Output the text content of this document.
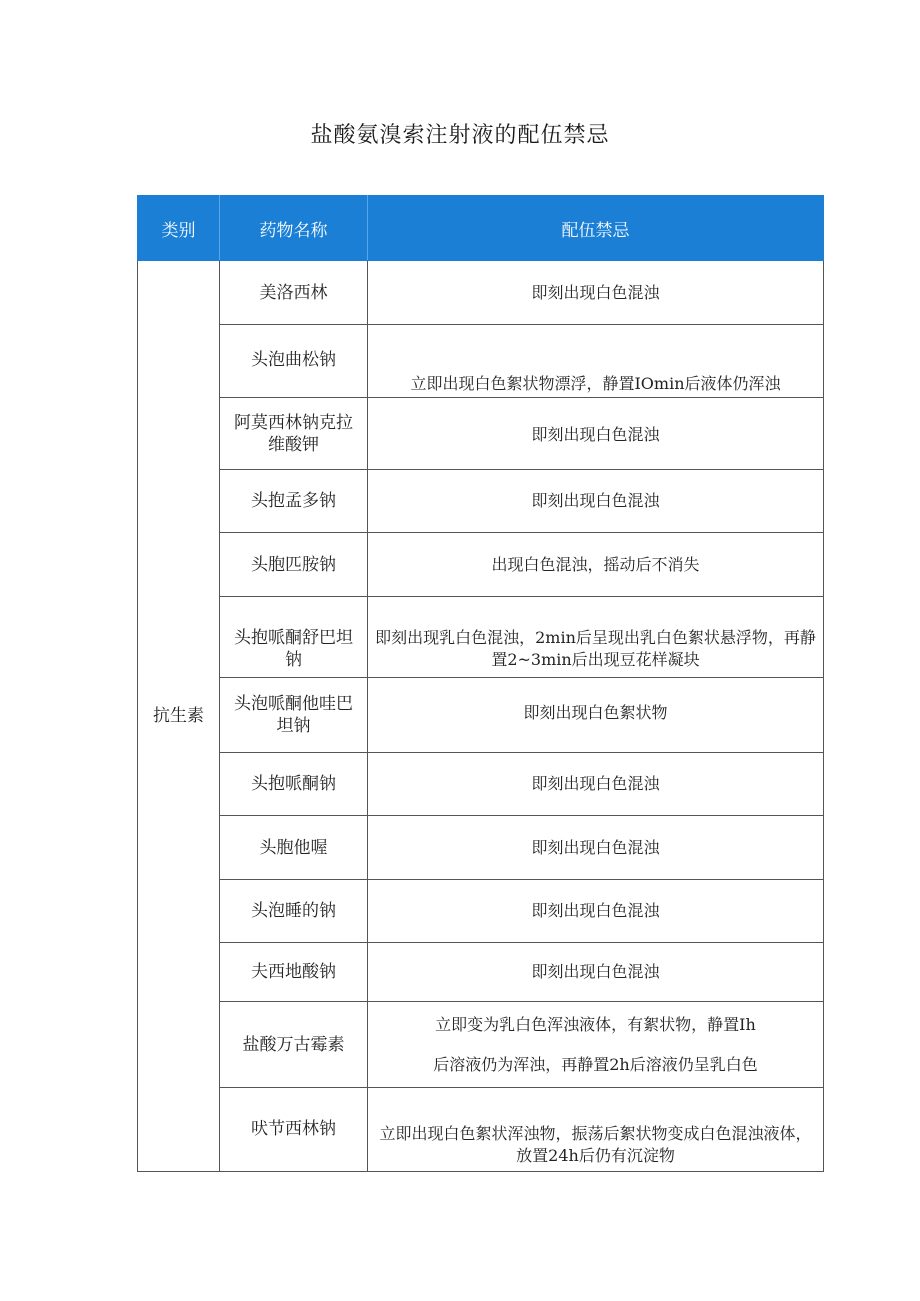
盐酸氨溴索注射液的配伍禁忌
类别	药物名称	配伍禁忌
抗生素	美洛西林	即刻出现白色混浊
	头泡曲松钠	立即出现白色絮状物漂浮，静置IOmin后液体仍浑浊
	阿莫西林钠克拉维酸钾	即刻出现白色混浊
	头抱孟多钠	即刻出现白色混浊
	头胞匹胺钠	出现白色混浊，摇动后不消失
	头抱哌酮舒巴坦钠	即刻出现乳白色混浊，2min后呈现出乳白色絮状悬浮物，再静置2~3min后出现豆花样凝块
	头泡哌酮他哇巴坦钠	即刻出现白色絮状物
	头抱哌酮钠	即刻出现白色混浊
	头胞他喔	即刻出现白色混浊
	头泡睡的钠	即刻出现白色混浊
	夫西地酸钠	即刻出现白色混浊
	盐酸万古霉素	立即变为乳白色浑浊液体，有絮状物，静置Ih
后溶液仍为浑浊，再静置2h后溶液仍呈乳白色

	吠节西林钠	立即出现白色絮状浑浊物，振荡后絮状物变成白色混浊液体，放置24h后仍有沉淀物
